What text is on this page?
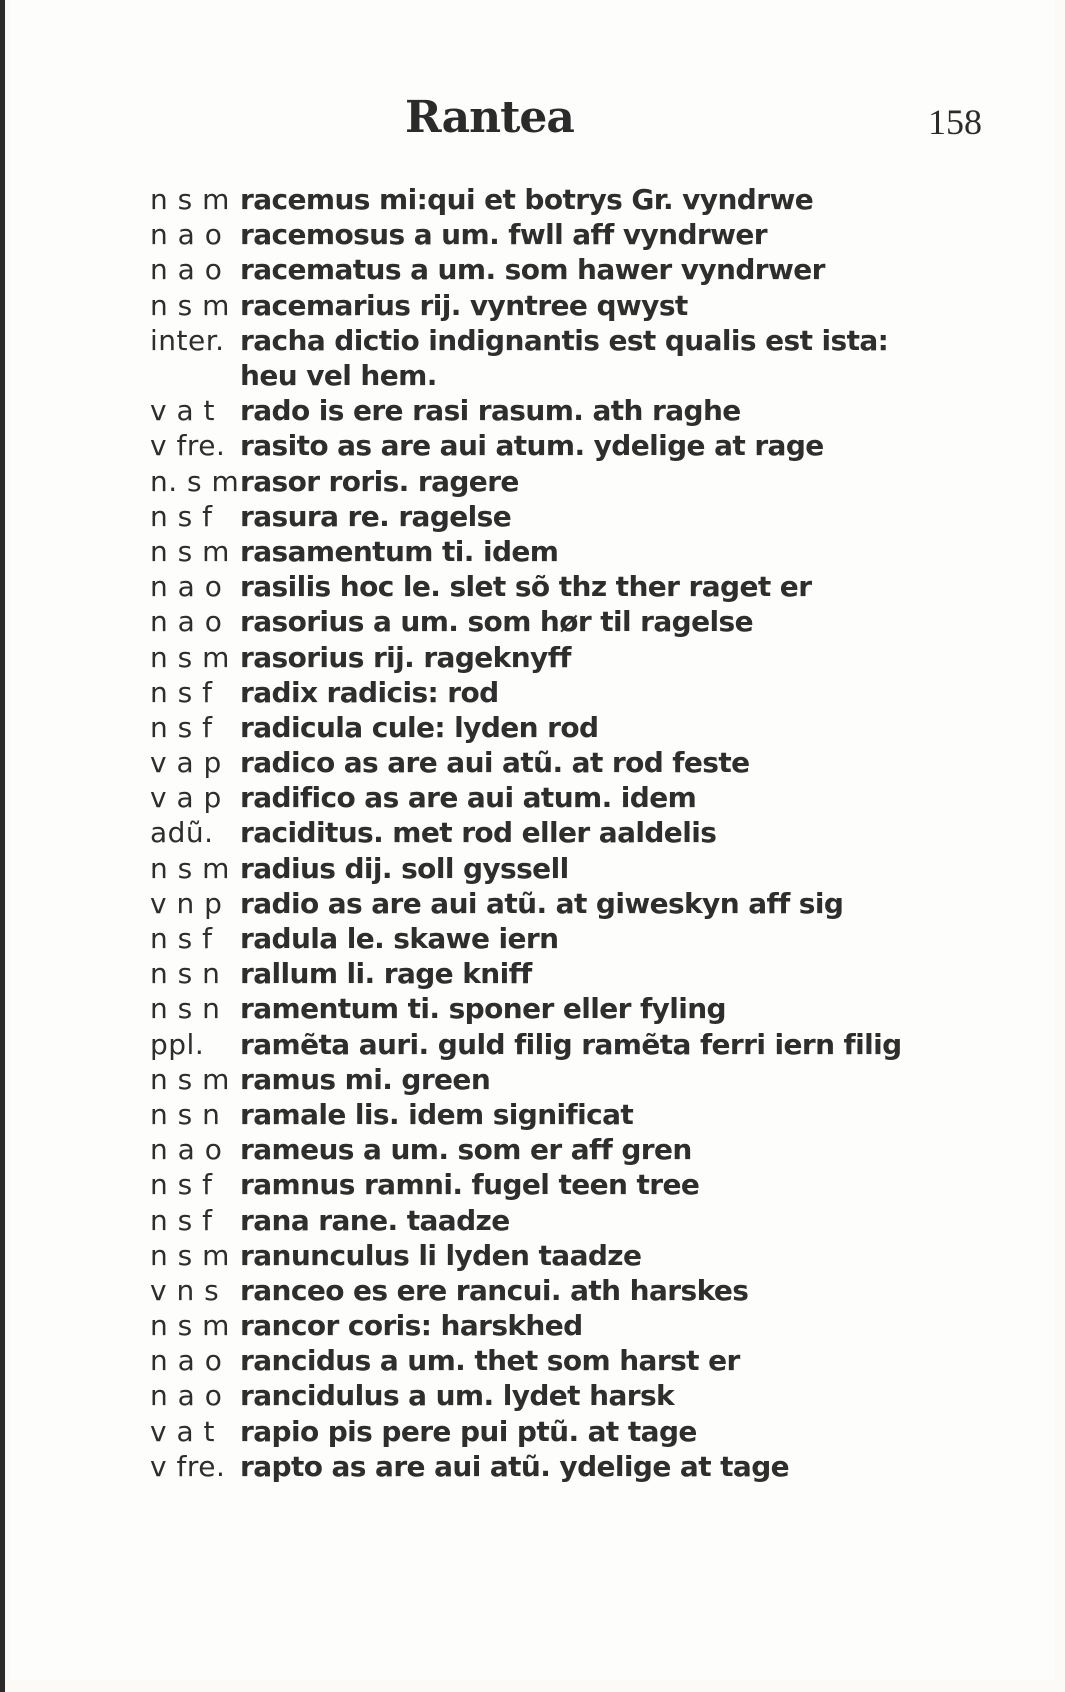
Rantea	158
n s m racemus mi:qui et botrys Gr. vyndrwe
n a o racemosus a um. fwll aff vyndrwer
n a o racematus a um. som hawer vyndrwer
n s m racemarius rij. vyntree qwyst
inter. racha dictio indignantis est qualis est ista:
heu vel hem.
v a t rado is ere rasi rasum. ath raghe
v fre. rasito as are aui atum. ydelige at rage
n. s m rasor roris. ragere
n s f rasura re. ragelse
n s m rasamentum ti. idem
n a o rasilis hoc le. slet sõ thz ther raget er
n a o rasorius a um. som hør til ragelse
n s m rasorius rij. rageknyff
n s f radix radicis: rod
n s f radicula cule: lyden rod
v a p radico as are aui atũ. at rod feste
v a p radifico as are aui atum. idem
adũ. raciditus. met rod eller aaldelis
n s m radius dij. soll gyssell
v n p radio as are aui atũ. at giweskyn aff sig
n s f radula le. skawe iern
n s n rallum li. rage kniff
n s n ramentum ti. sponer eller fyling
ppl.	ramẽta auri. guld filig ramẽta ferri iern filig
n s m ramus mi. green
n s n ramale lis. idem significat
n a o rameus a um. som er aff gren
n s f ramnus ramni. fugel teen tree
n s f rana rane. taadze
n s m ranunculus li lyden taadze
v n s ranceo es ere rancui. ath harskes
n s m rancor coris: harskhed
n a o rancidus a um. thet som harst er
n a o rancidulus a um. lydet harsk
v a t rapio pis pere pui ptũ. at tage
v fre. rapto as are aui atũ. ydelige at tage
